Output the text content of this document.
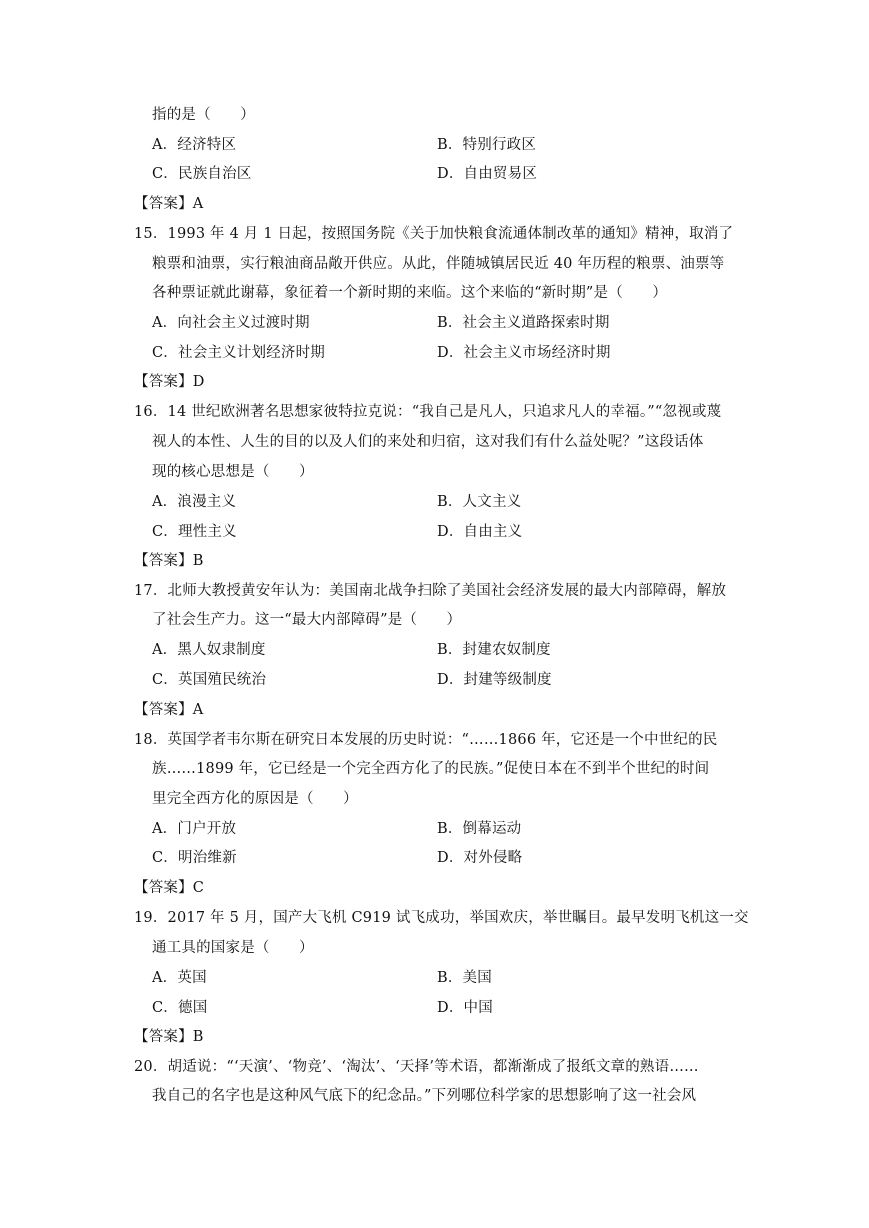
指的是（　　）
A．经济特区	B．特别行政区
C．民族自治区	D．自由贸易区
【答案】A
15．1993 年 4 月 1 日起，按照国务院《关于加快粮食流通体制改革的通知》精神，取消了
粮票和油票，实行粮油商品敞开供应。从此，伴随城镇居民近 40 年历程的粮票、油票等
各种票证就此谢幕，象征着一个新时期的来临。这个来临的“新时期”是（　　）
A．向社会主义过渡时期	B．社会主义道路探索时期
C．社会主义计划经济时期	D．社会主义市场经济时期
【答案】D
16．14 世纪欧洲著名思想家彼特拉克说：“我自己是凡人，只追求凡人的幸福。”“忽视或蔑
视人的本性、人生的目的以及人们的来处和归宿，这对我们有什么益处呢？”这段话体
现的核心思想是（　　）
A．浪漫主义	B．人文主义
C．理性主义	D．自由主义
【答案】B
17．北师大教授黄安年认为：美国南北战争扫除了美国社会经济发展的最大内部障碍，解放
了社会生产力。这一“最大内部障碍”是（　　）
A．黑人奴隶制度	B．封建农奴制度
C．英国殖民统治	D．封建等级制度
【答案】A
18．英国学者韦尔斯在研究日本发展的历史时说：“……1866 年，它还是一个中世纪的民
族……1899 年，它已经是一个完全西方化了的民族。”促使日本在不到半个世纪的时间
里完全西方化的原因是（　　）
A．门户开放	B．倒幕运动
C．明治维新	D．对外侵略
【答案】C
19．2017 年 5 月，国产大飞机 C919 试飞成功，举国欢庆，举世瞩目。最早发明飞机这一交
通工具的国家是（　　）
A．英国	B．美国
C．德国	D．中国
【答案】B
20．胡适说：“‘天演’、‘物竞’、‘淘汰’、‘天择’等术语，都渐渐成了报纸文章的熟语……
我自己的名字也是这种风气底下的纪念品。”下列哪位科学家的思想影响了这一社会风
